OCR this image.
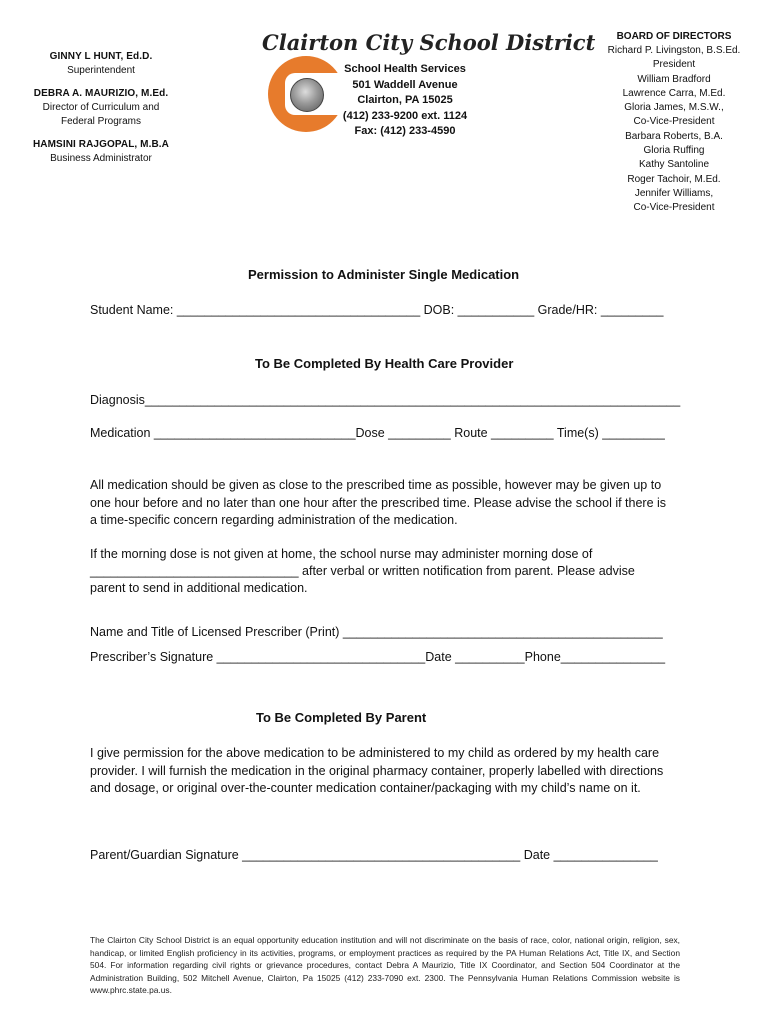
GINNY L HUNT, Ed.D.
Superintendent
DEBRA A. MAURIZIO, M.Ed.
Director of Curriculum and
Federal Programs
HAMSINI RAJGOPAL, M.B.A
Business Administrator
Clairton City School District
School Health Services
501 Waddell Avenue
Clairton, PA 15025
(412) 233-9200 ext. 1124
Fax: (412) 233-4590
BOARD OF DIRECTORS
Richard P. Livingston, B.S.Ed.
President
William Bradford
Lawrence Carra, M.Ed.
Gloria James, M.S.W.,
Co-Vice-President
Barbara Roberts, B.A.
Gloria Ruffing
Kathy Santoline
Roger Tachoir, M.Ed.
Jennifer Williams,
Co-Vice-President
Permission to Administer Single Medication
Student Name: ___________________________________ DOB: ___________ Grade/HR: _________
To Be Completed By Health Care Provider
Diagnosis_____________________________________________________________________________
Medication _____________________________Dose _________ Route _________ Time(s) _________
All medication should be given as close to the prescribed time as possible, however may be given up to one hour before and no later than one hour after the prescribed time. Please advise the school if there is a time-specific concern regarding administration of the medication.
If the morning dose is not given at home, the school nurse may administer morning dose of
______________________________ after verbal or written notification from parent. Please advise
parent to send in additional medication.
Name and Title of Licensed Prescriber (Print) ______________________________________________
Prescriber’s Signature ______________________________Date __________Phone_______________
To Be Completed By Parent
I give permission for the above medication to be administered to my child as ordered by my health care provider. I will furnish the medication in the original pharmacy container, properly labelled with directions and dosage, or original over-the-counter medication container/packaging with my child’s name on it.
Parent/Guardian Signature ________________________________________ Date _______________
The Clairton City School District is an equal opportunity education institution and will not discriminate on the basis of race, color, national origin, religion, sex, handicap, or limited English proficiency in its activities, programs, or employment practices as required by the PA Human Relations Act, Title IX, and Section 504. For information regarding civil rights or grievance procedures, contact Debra A Maurizio, Title IX Coordinator, and Section 504 Coordinator at the Administration Building, 502 Mitchell Avenue, Clairton, Pa 15025 (412) 233-7090 ext. 2300. The Pennsylvania Human Relations Commission website is www.phrc.state.pa.us.
